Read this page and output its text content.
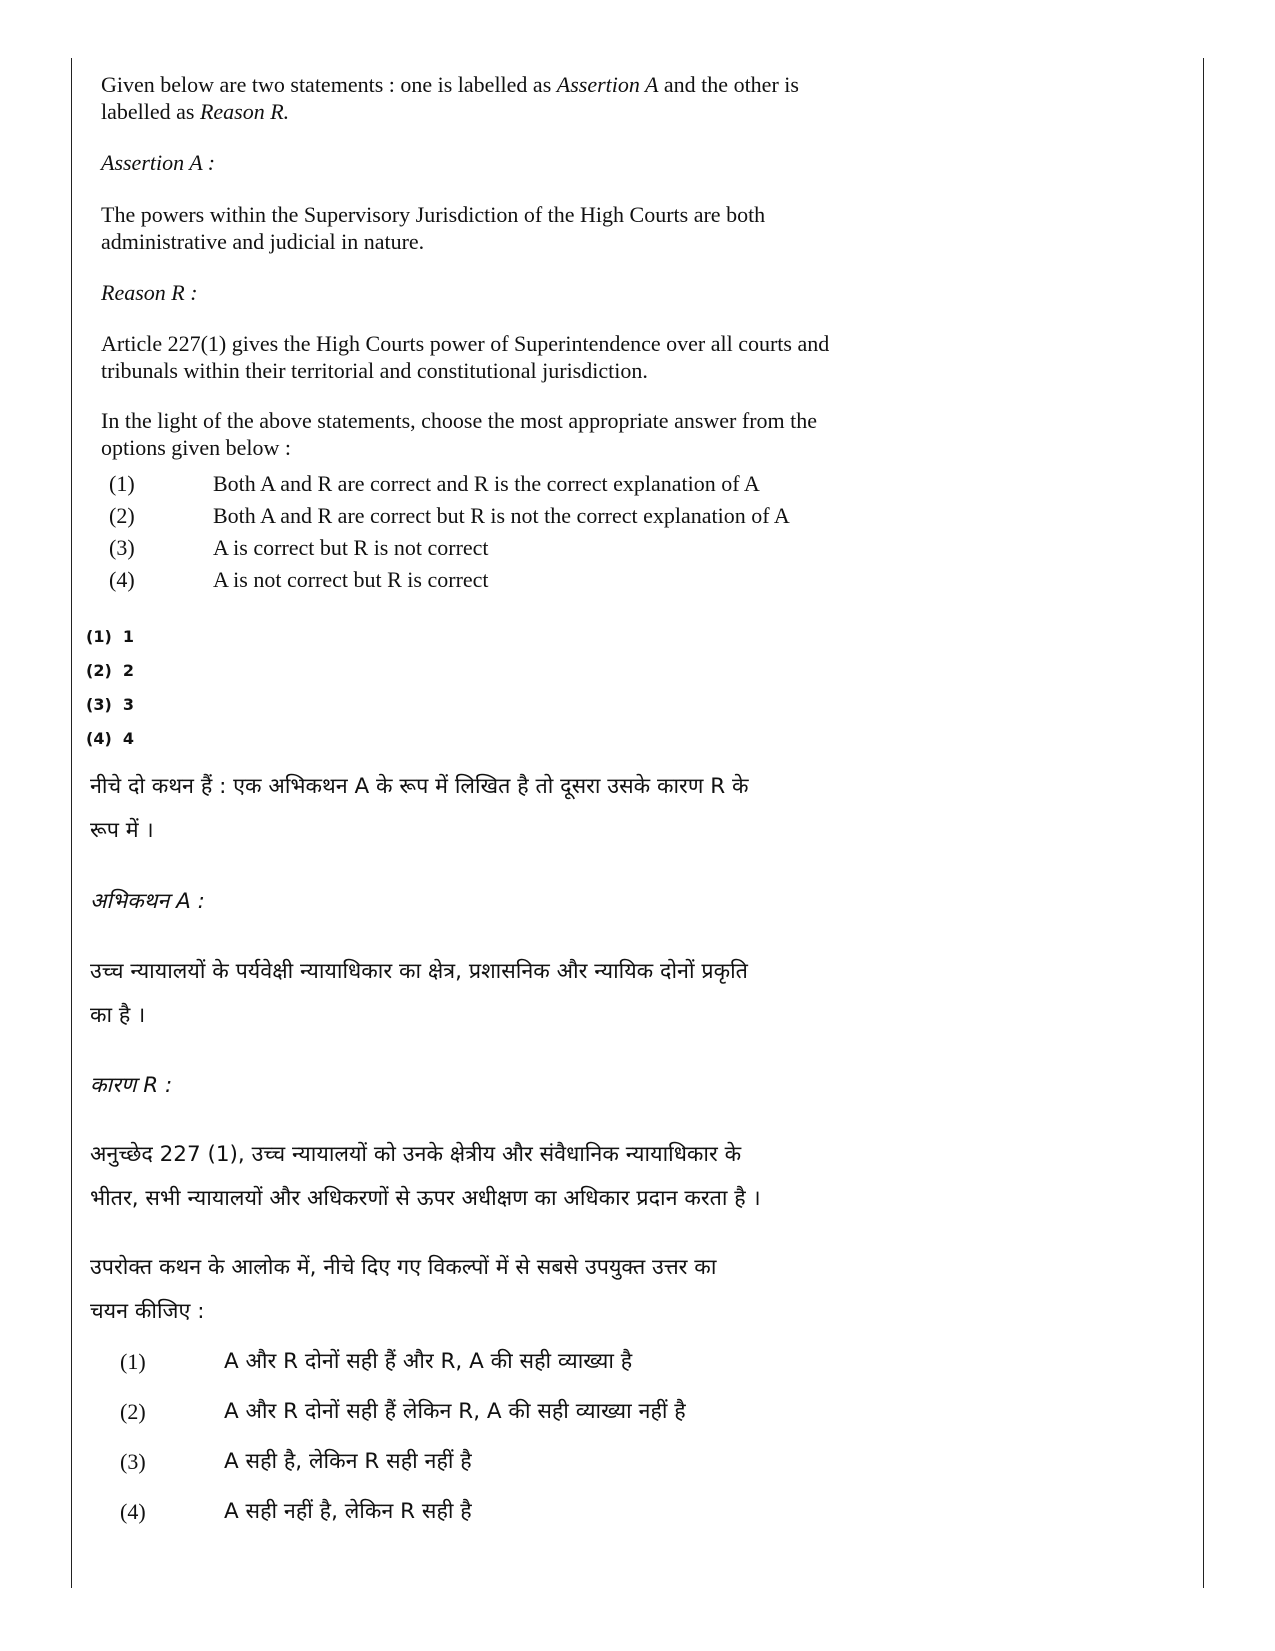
Given below are two statements : one is labelled as Assertion A and the other is
labelled as Reason R.
Assertion A :
The powers within the Supervisory Jurisdiction of the High Courts are both
administrative and judicial in nature.
Reason R :
Article 227(1) gives the High Courts power of Superintendence over all courts and
tribunals within their territorial and constitutional jurisdiction.
In the light of the above statements, choose the most appropriate answer from the
options given below :
(1)	Both A and R are correct and R is the correct explanation of A
(2)	Both A and R are correct but R is not the correct explanation of A
(3)	A is correct but R is not correct
(4)	A is not correct but R is correct
(1) 1
(2) 2
(3) 3
(4) 4
नीचे दो कथन हैं : एक अभिकथन A के रूप में लिखित है तो दूसरा उसके कारण R के
रूप में ।
अभिकथन A :
उच्च न्यायालयों के पर्यवेक्षी न्यायाधिकार का क्षेत्र, प्रशासनिक और न्यायिक दोनों प्रकृति
का है ।
कारण R :
अनुच्छेद 227 (1), उच्च न्यायालयों को उनके क्षेत्रीय और संवैधानिक न्यायाधिकार के
भीतर, सभी न्यायालयों और अधिकरणों से ऊपर अधीक्षण का अधिकार प्रदान करता है ।
उपरोक्त कथन के आलोक में, नीचे दिए गए विकल्पों में से सबसे उपयुक्त उत्तर का
चयन कीजिए :
(1)	A और R दोनों सही हैं और R, A की सही व्याख्या है
(2)	A और R दोनों सही हैं लेकिन R, A की सही व्याख्या नहीं है
(3)	A सही है, लेकिन R सही नहीं है
(4)	A सही नहीं है, लेकिन R सही है
